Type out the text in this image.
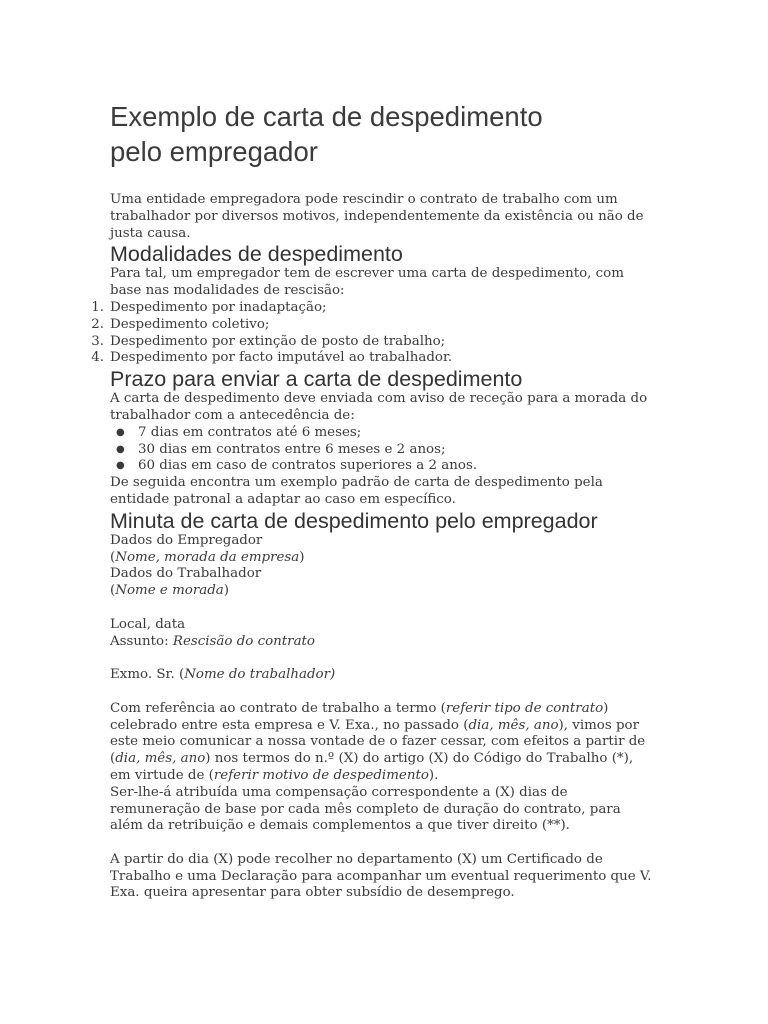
Exemplo de carta de despedimento
pelo empregador

Uma entidade empregadora pode rescindir o contrato de trabalho com um trabalhador por diversos motivos, independentemente da existência ou não de justa causa.

Modalidades de despedimento

Para tal, um empregador tem de escrever uma carta de despedimento, com base nas modalidades de rescisão:

1. Despedimento por inadaptação;
2. Despedimento coletivo;
3. Despedimento por extinção de posto de trabalho;
4. Despedimento por facto imputável ao trabalhador.
Prazo para enviar a carta de despedimento

A carta de despedimento deve enviada com aviso de receção para a morada do trabalhador com a antecedência de:

● 7 dias em contratos até 6 meses;
● 30 dias em contratos entre 6 meses e 2 anos;
● 60 dias em caso de contratos superiores a 2 anos.

De seguida encontra um exemplo padrão de carta de despedimento pela entidade patronal a adaptar ao caso em específico.

Minuta de carta de despedimento pelo empregador
Dados do Empregador
(Nome, morada da empresa)
Dados do Trabalhador
(Nome e morada)
Local, data
Assunto: Rescisão do contrato
Exmo. Sr. (Nome do trabalhador)
Com referência ao contrato de trabalho a termo (referir tipo de contrato) celebrado entre esta empresa e V. Exa., no passado (dia, mês, ano), vimos por este meio comunicar a nossa vontade de o fazer cessar, com efeitos a partir de (dia, mês, ano) nos termos do n.º (X) do artigo (X) do Código do Trabalho (*), em virtude de (referir motivo de despedimento).
Ser-lhe-á atribuída uma compensação correspondente a (X) dias de remuneração de base por cada mês completo de duração do contrato, para além da retribuição e demais complementos a que tiver direito (**).
A partir do dia (X) pode recolher no departamento (X) um Certificado de Trabalho e uma Declaração para acompanhar um eventual requerimento que V. Exa. queira apresentar para obter subsídio de desemprego.
